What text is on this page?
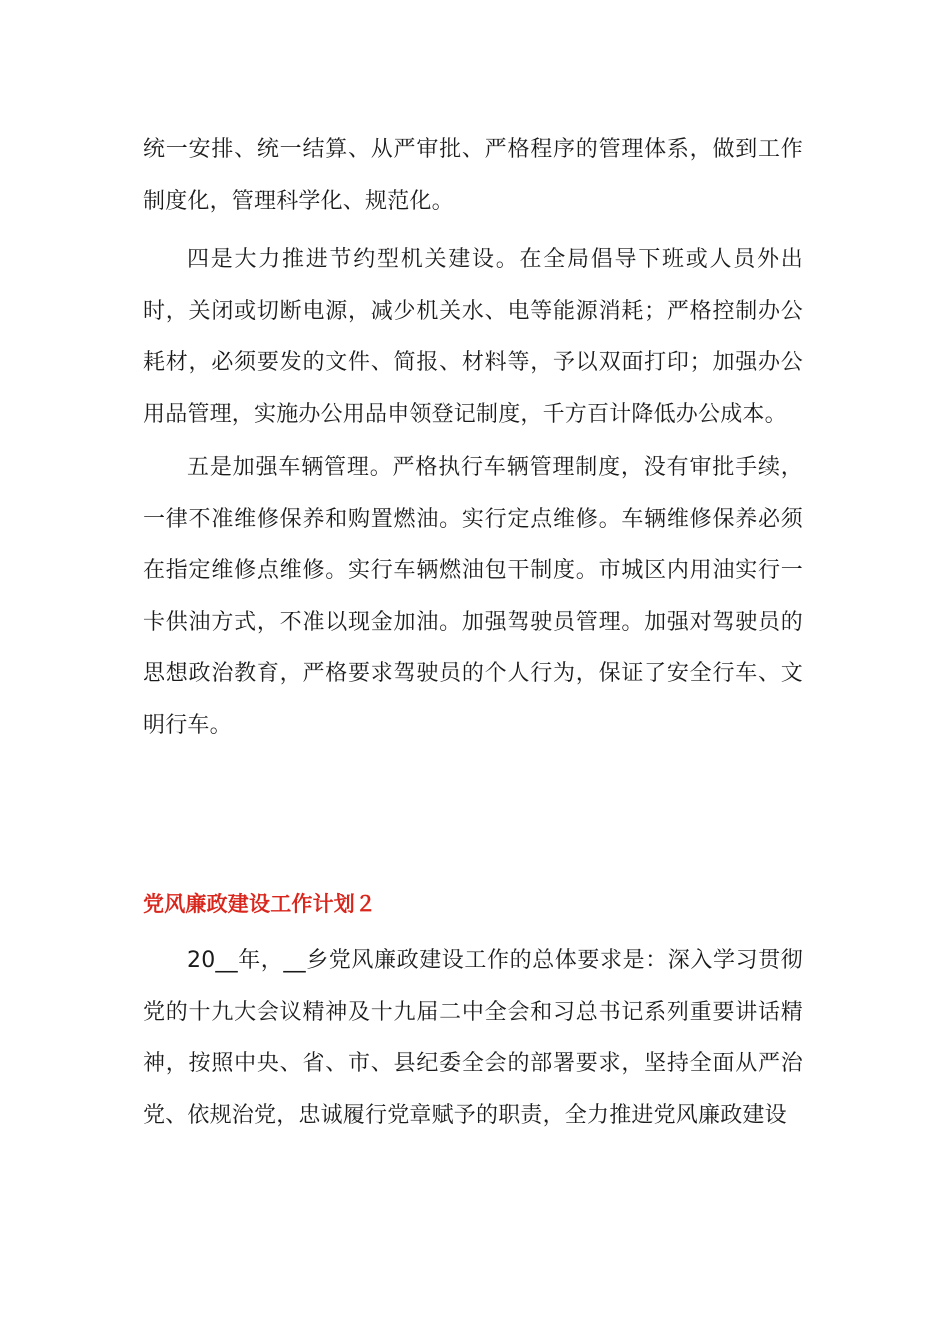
统一安排、统一结算、从严审批、严格程序的管理体系，做到工作制度化，管理科学化、规范化。

四是大力推进节约型机关建设。在全局倡导下班或人员外出时，关闭或切断电源，减少机关水、电等能源消耗；严格控制办公耗材，必须要发的文件、简报、材料等，予以双面打印；加强办公用品管理，实施办公用品申领登记制度，千方百计降低办公成本。

五是加强车辆管理。严格执行车辆管理制度，没有审批手续，一律不准维修保养和购置燃油。实行定点维修。车辆维修保养必须在指定维修点维修。实行车辆燃油包干制度。市城区内用油实行一卡供油方式，不准以现金加油。加强驾驶员管理。加强对驾驶员的思想政治教育，严格要求驾驶员的个人行为，保证了安全行车、文明行车。

党风廉政建设工作计划２

20__年，__乡党风廉政建设工作的总体要求是：深入学习贯彻党的十九大会议精神及十九届二中全会和习总书记系列重要讲话精神，按照中央、省、市、县纪委全会的部署要求，坚持全面从严治党、依规治党，忠诚履行党章赋予的职责，全力推进党风廉政建设
